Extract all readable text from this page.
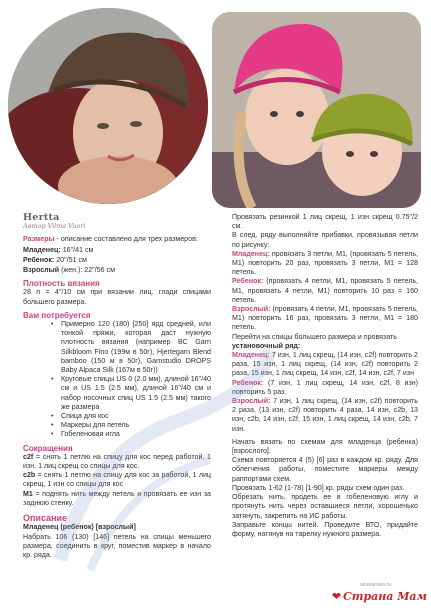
Hertta
Автор Vilma Vuori
Размеры - описание составлено для трех размеров:
Младенец: 16"/41 см
Ребенок: 20"/51 см
Взрослый (жен.): 22"/56 см
Плотность вязания
28 п = 4"/10 см при вязании лиц. глади спицами большего размера.
Вам потребуется
• Примерно 120 (180) [250] ярд средней, или тонкой пряжи, которая даст нужную плотность вязания (например BC Garn Silkbloom Fino (199м в 50г), Hjertegarn Blend bamboo (150 м в 50г), Garnstudio DROPS Baby Alpaca Silk (167м в 50г))
• Круговые спицы US 0 (2.0 мм), длиной 16"/40 см и US 1.5 (2.5 мм), длиной 16"/40 см и набор носочных спиц US 1.5 (2.5 мм) такого же размера
• Спица для кос
• Маркеры для петель
• Гобеленовая игла
Сокращения
c2f = снять 1 петлю на спицу для кос перед работой, 1 изн, 1 лиц скрещ со спицы для кос.
c2b = снять 1 петлю на спицу для кос за работой, 1 лиц скрещ, 1 изн со спицы для кос
M1 = поднять нить между петель и провязать ее изн за заднюю стенку.
Описание
Младенец (ребенок) [взрослый]
Набрать 106 (130) [146] петель на спицы меньшего размера, соединить в круг, поместив маркер в начало кр. ряда.
Провязать резинкой 1 лиц скрещ, 1 изн скрещ 0.75"/2 см.
В след. ряду выполняйте прибавки, провязывая петли по рисунку:
Младенец: провязать 3 петли, M1, (провязать 5 петель, M1) повторить 20 раз, провязать 3 петли, M1 = 128 петель.
Ребенок: (провязать 4 петли, M1, провязать 5 петель, M1, провязать 4 петли, M1) повторить 10 раз = 160 петель.
Взрослый: (провязать 4 петли, M1, провязать 5 петель, M1) повторить 16 раз, провязать 3 петли, M1 = 180 петель.
Перейти на спицы большего размера и провязать
установочный ряд:
Младенец: 7 изн, 1 лиц скрещ, (14 изн, c2f) повторить 2 раза, 15 изн, 1 лиц скрещ, (14 изн, c2f) повторить 2 раза, 15 изн, 1 лиц скрещ, 14 изн, c2f, 14 изн, c2f, 7 изн
Ребенок: (7 изн, 1 лиц скрещ, 14 изн, c2f, 8 изн) повторить 5 раз.
Взрослый: 7 изн, 1 лиц скрещ, (14 изн, c2f) повторить 2 раза, (13 изн, c2f) повторить 4 раза, 14 изн, c2b, 13 изн, c2b, 14 изн, c2f, 15 изн, 1 лиц скрещ, 14 изн, c2b, 7 изн.
Начать вязать по схемам для младенца (ребенка) [взрослого].
Схема повторяется 4 (5) [6] раз в каждом кр. ряду. Для облегчения работы, поместите маркеры между раппортами схем.
Провязать 1-62 (1-78) [1-90] кр. ряды схем один раз.
Обрезать нить, продеть ее в гобеленовую иглу и протянуть нить через оставшиеся петли, хорошенько затянуть, закрепить на ИС работы.
Заправьте концы нитей. Проведите ВТО, придайте форму, натянув на тарелку нужного размера.
❤ Страна Мам
stranamam.ru
